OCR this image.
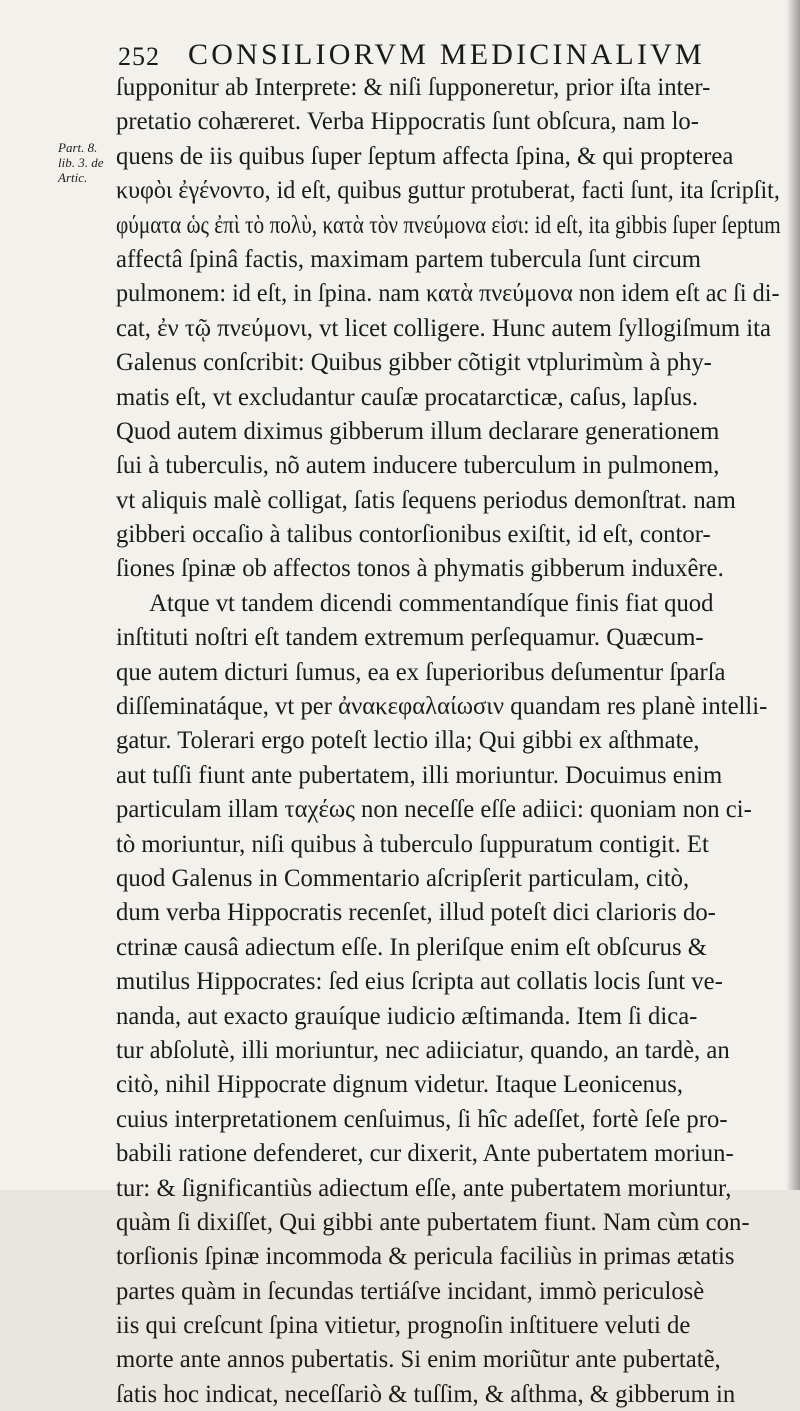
252 CONSILIORVM MEDICINALIVM
Part. 8.
lib. 3. de
Artic.
ſupponitur ab Interprete: & niſi ſupponeretur, prior iſta inter-
pretatio cohæreret. Verba Hippocratis ſunt obſcura, nam lo-
quens de iis quibus ſuper ſeptum affecta ſpina, & qui propterea
κυφὸι ἐγένοντο, id eſt, quibus guttur protuberat, facti ſunt, ita ſcripſit,
φύματα ὡς ἐπὶ τὸ πολὺ, κατὰ τὸν πνεύμονα εἰσι: id eſt, ita gibbis ſuper ſeptum
affectâ ſpinâ factis, maximam partem tubercula ſunt circum
pulmonem: id eſt, in ſpina. nam κατὰ πνεύμονα non idem eſt ac ſi di-
cat, ἐν τῷ πνεύμονι, vt licet colligere. Hunc autem ſyllogiſmum ita
Galenus conſcribit: Quibus gibber cõtigit vtplurimùm à phy-
matis eſt, vt excludantur cauſæ procatarcticæ, caſus, lapſus.
Quod autem diximus gibberum illum declarare generationem
ſui à tuberculis, nõ autem inducere tuberculum in pulmonem,
vt aliquis malè colligat, ſatis ſequens periodus demonſtrat. nam
gibberi occaſio à talibus contorſionibus exiſtit, id eſt, contor-
ſiones ſpinæ ob affectos tonos à phymatis gibberum induxêre.
Atque vt tandem dicendi commentandíque finis fiat quod
inſtituti noſtri eſt tandem extremum perſequamur. Quæcum-
que autem dicturi ſumus, ea ex ſuperioribus deſumentur ſparſa
diſſeminatáque, vt per ἀνακεφαλαίωσιν quandam res planè intelli-
gatur. Tolerari ergo poteſt lectio illa; Qui gibbi ex aſthmate,
aut tuſſi fiunt ante pubertatem, illi moriuntur. Docuimus enim
particulam illam ταχέως non neceſſe eſſe adiici: quoniam non ci-
tò moriuntur, niſi quibus à tuberculo ſuppuratum contigit. Et
quod Galenus in Commentario aſcripſerit particulam, citò,
dum verba Hippocratis recenſet, illud poteſt dici clarioris do-
ctrinæ causâ adiectum eſſe. In pleriſque enim eſt obſcurus &
mutilus Hippocrates: ſed eius ſcripta aut collatis locis ſunt ve-
nanda, aut exacto grauíque iudicio æſtimanda. Item ſi dica-
tur abſolutè, illi moriuntur, nec adiiciatur, quando, an tardè, an
citò, nihil Hippocrate dignum videtur. Itaque Leonicenus,
cuius interpretationem cenſuimus, ſi hîc adeſſet, fortè ſeſe pro-
babili ratione defenderet, cur dixerit, Ante pubertatem moriun-
tur: & ſignificantiùs adiectum eſſe, ante pubertatem moriuntur,
quàm ſi dixiſſet, Qui gibbi ante pubertatem fiunt. Nam cùm con-
torſionis ſpinæ incommoda & pericula faciliùs in primas ætatis
partes quàm in ſecundas tertiáſve incidant, immò periculosè
iis qui creſcunt ſpina vitietur, prognoſin inſtituere veluti de
morte ante annos pubertatis. Si enim moriũtur ante pubertatẽ,
ſatis hoc indicat, neceſſariò & tuſſim, & aſthma, & gibberum in
